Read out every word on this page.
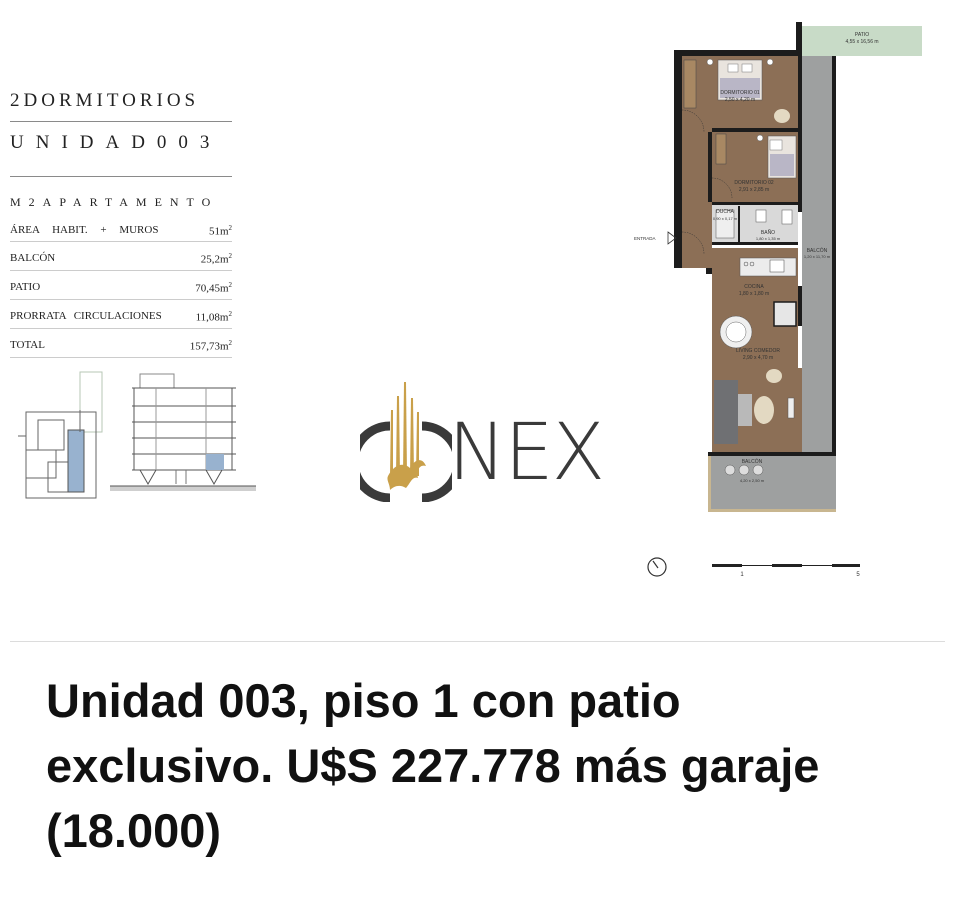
2DORMITORIOS
UNIDAD003
M2APARTAMENTO
ÁREA HABIT. + MUROS	$51m^2$
BALCÓN	$25,2m^2$
PATIO	$70,45m^2$
PRORRATA CIRCULACIONES	$11,08m^2$
TOTAL	$157,73m^2$
NEX
PATIO
4,55 x 16,56 m
DUCHA
0,90 x 0,17 m
BAÑO
1,80 x 1,35 m
DORMITORIO 01
2,50 x 4,20 m
DORMITORIO 02
2,91 x 2,85 m
ENTRADA
BALCÓN
1,20 x 11,70 m
COCINA
1,80 x 1,80 m
LIVING COMEDOR
2,90 x 4,70 m
BALCÓN
4,20 x 2,50 m
1	5
Unidad 003, piso 1 con patio exclusivo. U$S 227.778 más garaje (18.000)
